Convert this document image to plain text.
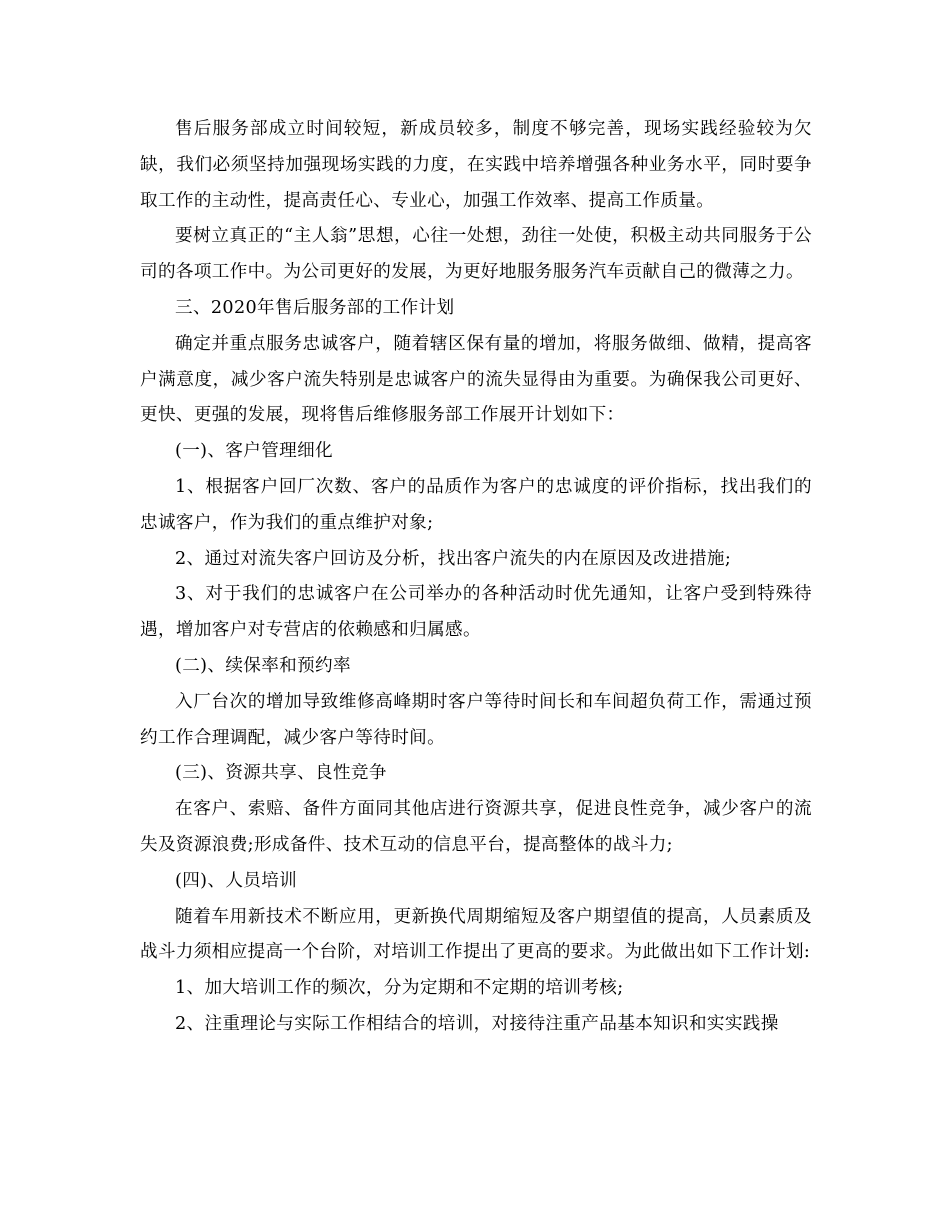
售后服务部成立时间较短，新成员较多，制度不够完善，现场实践经验较为欠缺，我们必须坚持加强现场实践的力度，在实践中培养增强各种业务水平，同时要争取工作的主动性，提高责任心、专业心，加强工作效率、提高工作质量。

要树立真正的“主人翁”思想，心往一处想，劲往一处使，积极主动共同服务于公司的各项工作中。为公司更好的发展，为更好地服务服务汽车贡献自己的微薄之力。

三、2020年售后服务部的工作计划

确定并重点服务忠诚客户，随着辖区保有量的增加，将服务做细、做精，提高客户满意度，减少客户流失特别是忠诚客户的流失显得由为重要。为确保我公司更好、更快、更强的发展，现将售后维修服务部工作展开计划如下：

(一)、客户管理细化

1、根据客户回厂次数、客户的品质作为客户的忠诚度的评价指标，找出我们的忠诚客户，作为我们的重点维护对象;

2、通过对流失客户回访及分析，找出客户流失的内在原因及改进措施;

3、对于我们的忠诚客户在公司举办的各种活动时优先通知，让客户受到特殊待遇，增加客户对专营店的依赖感和归属感。

(二)、续保率和预约率

入厂台次的增加导致维修高峰期时客户等待时间长和车间超负荷工作，需通过预约工作合理调配，减少客户等待时间。

(三)、资源共享、良性竞争

在客户、索赔、备件方面同其他店进行资源共享，促进良性竞争，减少客户的流失及资源浪费;形成备件、技术互动的信息平台，提高整体的战斗力;

(四)、人员培训

随着车用新技术不断应用，更新换代周期缩短及客户期望值的提高，人员素质及战斗力须相应提高一个台阶，对培训工作提出了更高的要求。为此做出如下工作计划:

1、加大培训工作的频次，分为定期和不定期的培训考核;

2、注重理论与实际工作相结合的培训，对接待注重产品基本知识和实实践操
